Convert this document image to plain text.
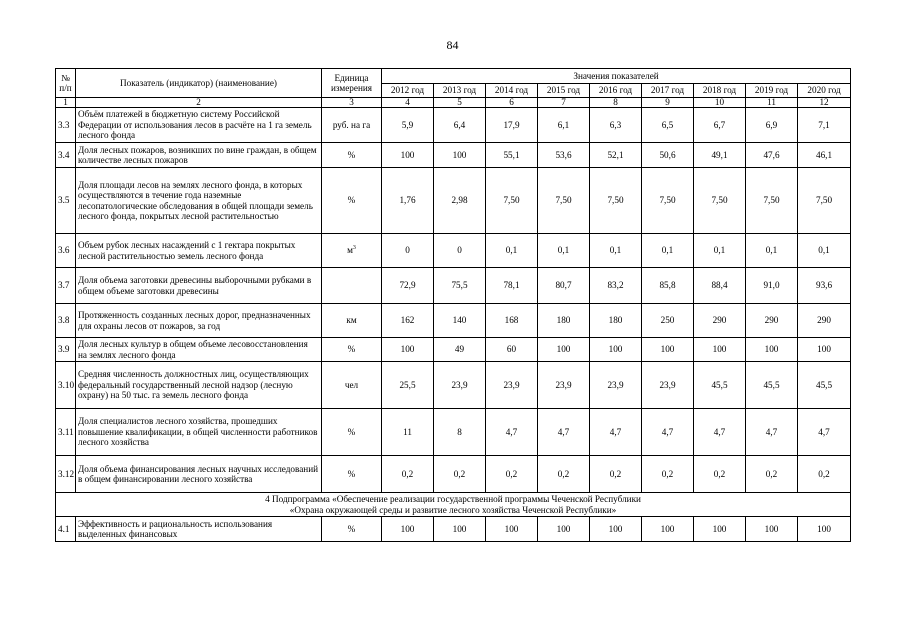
84
№ п/п	Показатель (индикатор) (наименование)	Единица измерения	Значения показателей								
			2012 год	2013 год	2014 год	2015 год	2016 год	2017 год	2018 год	2019 год	2020 год
1	2	3	4	5	6	7	8	9	10	11	12
3.3	Объём платежей в бюджетную систему Российской Федерации от использования лесов в расчёте на 1 га земель лесного фонда	руб. на га	5,9	6,4	17,9	6,1	6,3	6,5	6,7	6,9	7,1
3.4	Доля лесных пожаров, возникших по вине граждан, в общем количестве лесных пожаров	%	100	100	55,1	53,6	52,1	50,6	49,1	47,6	46,1
3.5	Доля площади лесов на землях лесного фонда, в которых осуществляются в течение года наземные лесопатологические обследования в общей площади земель лесного фонда, покрытых лесной растительностью	%	1,76	2,98	7,50	7,50	7,50	7,50	7,50	7,50	7,50
3.6	Объем рубок лесных насаждений с 1 гектара покрытых лесной растительностью земель лесного фонда	$м^3$	0	0	0,1	0,1	0,1	0,1	0,1	0,1	0,1
3.7	Доля объема заготовки древесины выборочными рубками в общем объеме заготовки древесины		72,9	75,5	78,1	80,7	83,2	85,8	88,4	91,0	93,6
3.8	Протяженность созданных лесных дорог, предназначенных для охраны лесов от пожаров, за год	км	162	140	168	180	180	250	290	290	290
3.9	Доля лесных культур в общем объеме лесовосстановления на землях лесного фонда	%	100	49	60	100	100	100	100	100	100
3.10	Средняя численность должностных лиц, осуществляющих федеральный государственный лесной надзор (лесную охрану) на 50 тыс. га земель лесного фонда	чел	25,5	23,9	23,9	23,9	23,9	23,9	45,5	45,5	45,5
3.11	Доля специалистов лесного хозяйства, прошедших повышение квалификации, в общей численности работников лесного хозяйства	%	11	8	4,7	4,7	4,7	4,7	4,7	4,7	4,7
3.12	Доля объема финансирования лесных научных исследований в общем финансировании лесного хозяйства	%	0,2	0,2	0,2	0,2	0,2	0,2	0,2	0,2	0,2

4 Подпрограмма «Обеспечение реализации государственной программы Чеченской Республики
«Охрана окружающей среды и развитие лесного хозяйства Чеченской Республики»											

4.1	Эффективность и рациональность использования выделенных финансовых	%	100	100	100	100	100	100	100	100	100
